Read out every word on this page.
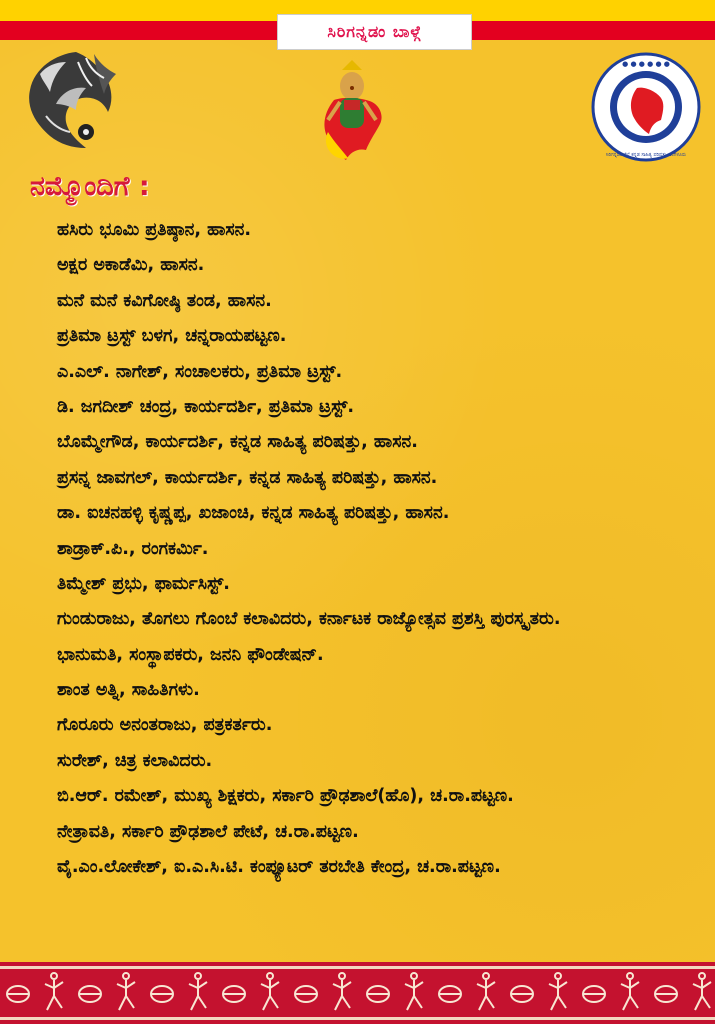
ಸಿರಿಗನ್ನಡಂ ಬಾಳ್ಗೆ
● ● ● ● ● ●
ಸಿರಿಗನ್ನಡಂ ಗೆಲ್ಗೆ ಕನ್ನಡ ಸಾಹಿತ್ಯ ಪರಿಷತ್ತು ಬೆಂಗಳೂರು
ನಮ್ಮೊಂದಿಗೆ :
ಹಸಿರು ಭೂಮಿ ಪ್ರತಿಷ್ಠಾನ, ಹಾಸನ.
ಅಕ್ಷರ ಅಕಾಡೆಮಿ, ಹಾಸನ.
ಮನೆ ಮನೆ ಕವಿಗೋಷ್ಠಿ ತಂಡ, ಹಾಸನ.
ಪ್ರತಿಮಾ ಟ್ರಸ್ಟ್ ಬಳಗ, ಚನ್ನರಾಯಪಟ್ಟಣ.
ಎ.ಎಲ್. ನಾಗೇಶ್, ಸಂಚಾಲಕರು, ಪ್ರತಿಮಾ ಟ್ರಸ್ಟ್.
ಡಿ. ಜಗದೀಶ್ ಚಂದ್ರ, ಕಾರ್ಯದರ್ಶಿ, ಪ್ರತಿಮಾ ಟ್ರಸ್ಟ್.
ಬೊಮ್ಮೇಗೌಡ, ಕಾರ್ಯದರ್ಶಿ, ಕನ್ನಡ ಸಾಹಿತ್ಯ ಪರಿಷತ್ತು, ಹಾಸನ.
ಪ್ರಸನ್ನ ಜಾವಗಲ್, ಕಾರ್ಯದರ್ಶಿ, ಕನ್ನಡ ಸಾಹಿತ್ಯ ಪರಿಷತ್ತು, ಹಾಸನ.
ಡಾ. ಐಚನಹಳ್ಳಿ ಕೃಷ್ಣಪ್ಪ, ಖಜಾಂಚಿ, ಕನ್ನಡ ಸಾಹಿತ್ಯ ಪರಿಷತ್ತು, ಹಾಸನ.
ಶಾಡ್ರಾಕ್.ಪಿ., ರಂಗಕರ್ಮಿ.
ತಿಮ್ಮೇಶ್ ಪ್ರಭು, ಫಾರ್ಮಸಿಸ್ಟ್.
ಗುಂಡುರಾಜು, ತೊಗಲು ಗೊಂಬೆ ಕಲಾವಿದರು, ಕರ್ನಾಟಕ ರಾಜ್ಯೋತ್ಸವ ಪ್ರಶಸ್ತಿ ಪುರಸ್ಕೃತರು.
ಭಾನುಮತಿ, ಸಂಸ್ಥಾಪಕರು, ಜನನಿ ಫೌಂಡೇಷನ್.
ಶಾಂತ ಅತ್ನಿ, ಸಾಹಿತಿಗಳು.
ಗೊರೂರು ಅನಂತರಾಜು, ಪತ್ರಕರ್ತರು.
ಸುರೇಶ್, ಚಿತ್ರ ಕಲಾವಿದರು.
ಬಿ.ಆರ್. ರಮೇಶ್, ಮುಖ್ಯ ಶಿಕ್ಷಕರು, ಸರ್ಕಾರಿ ಪ್ರೌಢಶಾಲೆ(ಹೊ), ಚ.ರಾ.ಪಟ್ಟಣ.
ನೇತ್ರಾವತಿ, ಸರ್ಕಾರಿ ಪ್ರೌಢಶಾಲೆ ಪೇಟೆ, ಚ.ರಾ.ಪಟ್ಟಣ.
ವೈ.ಎಂ.ಲೋಕೇಶ್, ಐ.ಎ.ಸಿ.ಟಿ. ಕಂಪ್ಯೂಟರ್ ತರಬೇತಿ ಕೇಂದ್ರ, ಚ.ರಾ.ಪಟ್ಟಣ.
